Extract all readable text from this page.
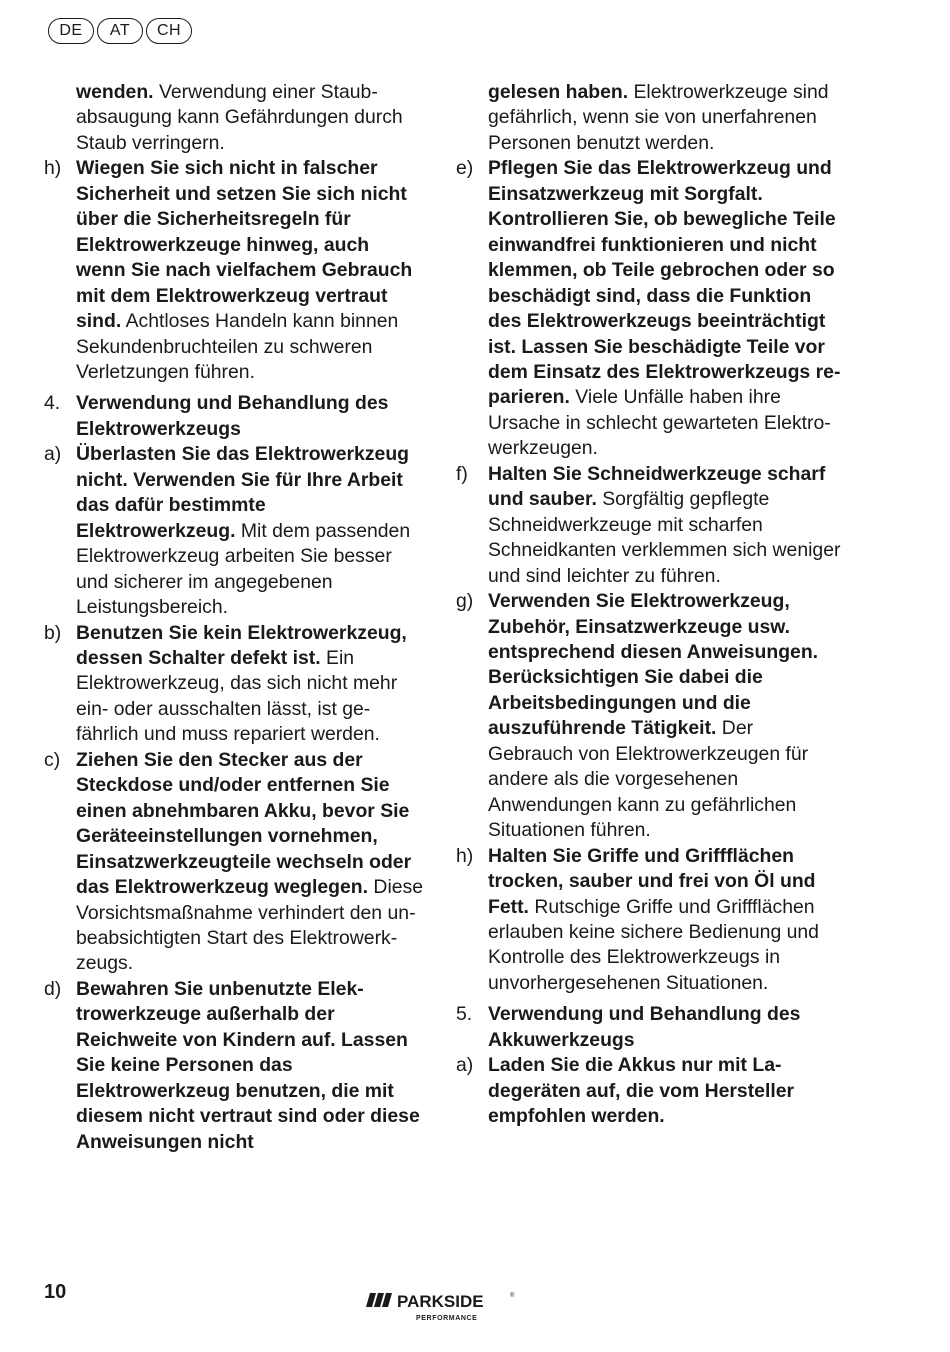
DE	AT	CH

wenden. Verwendung einer Staubabsaugung kann Gefährdungen durch Staub verringern.

h) Wiegen Sie sich nicht in falscher Sicherheit und setzen Sie sich nicht über die Sicherheitsregeln für Elektrowerkzeuge hinweg, auch wenn Sie nach vielfachem Gebrauch mit dem Elektrowerkzeug vertraut sind. Achtloses Handeln kann binnen Sekundenbruchteilen zu schweren Verletzungen führen.
4. Verwendung und Behandlung des Elektrowerkzeugs
a) Überlasten Sie das Elektrowerkzeug nicht. Verwenden Sie für Ihre Arbeit das dafür bestimmte Elektrowerkzeug. Mit dem passenden Elektrowerkzeug arbeiten Sie besser und sicherer im angegebenen Leistungsbereich.
b) Benutzen Sie kein Elektrowerkzeug, dessen Schalter defekt ist. Ein Elektrowerkzeug, das sich nicht mehr ein- oder ausschalten lässt, ist gefährlich und muss repariert werden.
c) Ziehen Sie den Stecker aus der Steckdose und/oder entfernen Sie einen abnehmbaren Akku, bevor Sie Geräteeinstellungen vornehmen, Einsatzwerkzeugteile wechseln oder das Elektrowerkzeug weglegen. Diese Vorsichtsmaßnahme verhindert den unbeabsichtigten Start des Elektrowerkzeugs.
d) Bewahren Sie unbenutzte Elektrowerkzeuge außerhalb der Reichweite von Kindern auf. Lassen Sie keine Personen das Elektrowerkzeug benutzen, die mit diesem nicht vertraut sind oder diese Anweisungen nicht

gelesen haben. Elektrowerkzeuge sind gefährlich, wenn sie von unerfahrenen Personen benutzt werden.

e) Pflegen Sie das Elektrowerkzeug und Einsatzwerkzeug mit Sorgfalt. Kontrollieren Sie, ob bewegliche Teile einwandfrei funktionieren und nicht klemmen, ob Teile gebrochen oder so beschädigt sind, dass die Funktion des Elektrowerkzeugs beeinträchtigt ist. Lassen Sie beschädigte Teile vor dem Einsatz des Elektrowerkzeugs reparieren. Viele Unfälle haben ihre Ursache in schlecht gewarteten Elektrowerkzeugen.
f)	Halten Sie Schneidwerkzeuge scharf und sauber. Sorgfältig gepflegte Schneidwerkzeuge mit scharfen Schneidkanten verklemmen sich weniger und sind leichter zu führen.
g) Verwenden Sie Elektrowerkzeug, Zubehör, Einsatzwerkzeuge usw. entsprechend diesen Anweisungen. Berücksichtigen Sie dabei die Arbeitsbedingungen und die auszuführende Tätigkeit. Der Gebrauch von Elektrowerkzeugen für andere als die vorgesehenen Anwendungen kann zu gefährlichen Situationen führen.
h) Halten Sie Griffe und Griffflächen trocken, sauber und frei von Öl und Fett. Rutschige Griffe und Griffflächen erlauben keine sichere Bedienung und Kontrolle des Elektrowerkzeugs in unvorhergesehenen Situationen.
5. Verwendung und Behandlung des Akkuwerkzeugs
a) Laden Sie die Akkus nur mit Ladegeräten auf, die vom Hersteller empfohlen werden.
10	PARKSIDE	®
PERFORMANCE
